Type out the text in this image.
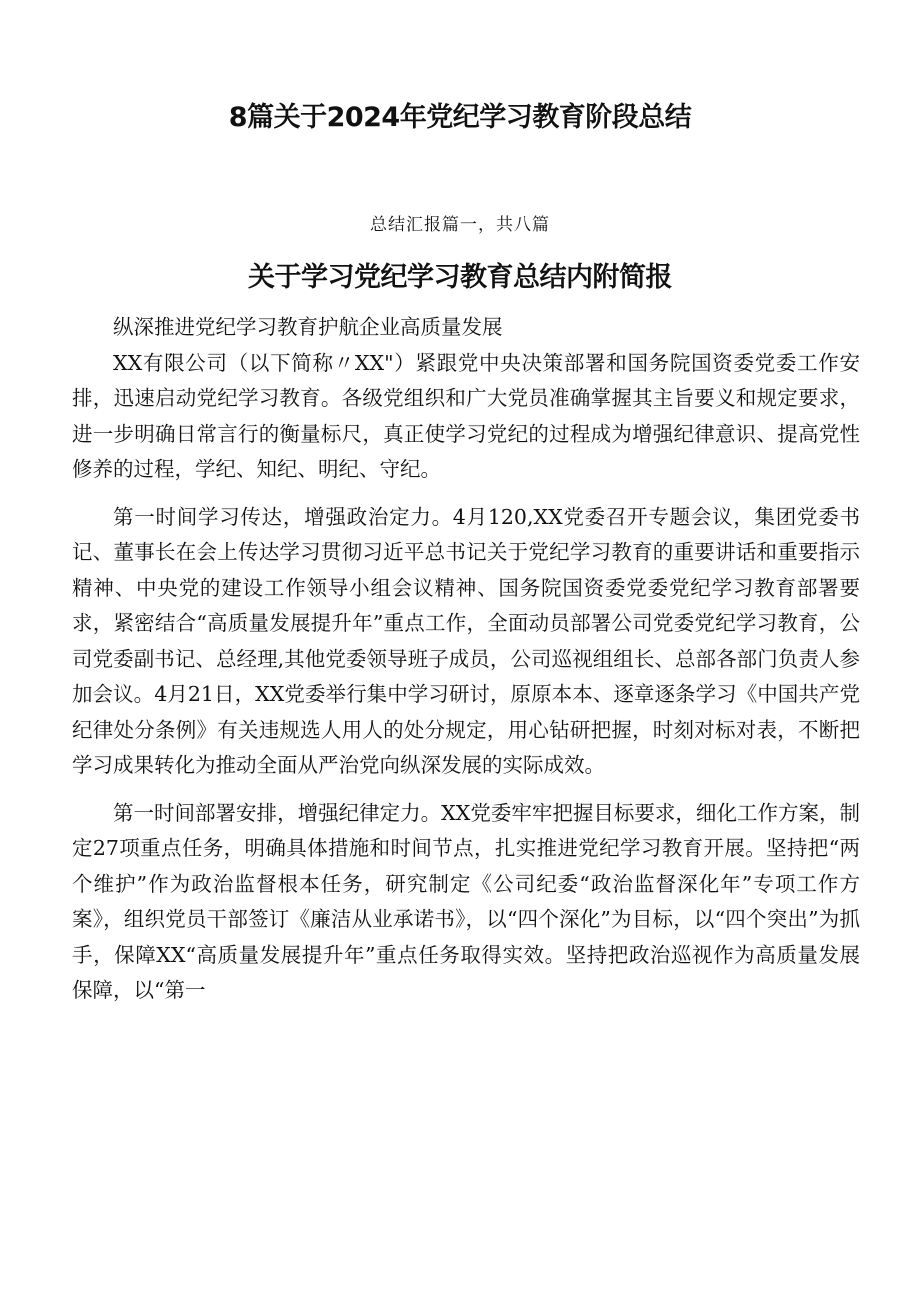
8篇关于2024年党纪学习教育阶段总结
总结汇报篇一，共八篇
关于学习党纪学习教育总结内附简报

纵深推进党纪学习教育护航企业高质量发展

XX有限公司（以下简称〃XX"）紧跟党中央决策部署和国务院国资委党委工作安排，迅速启动党纪学习教育。各级党组织和广大党员准确掌握其主旨要义和规定要求，进一步明确日常言行的衡量标尺，真正使学习党纪的过程成为增强纪律意识、提高党性修养的过程，学纪、知纪、明纪、守纪。

第一时间学习传达，增强政治定力。4月120,XX党委召开专题会议，集团党委书记、董事长在会上传达学习贯彻习近平总书记关于党纪学习教育的重要讲话和重要指示精神、中央党的建设工作领导小组会议精神、国务院国资委党委党纪学习教育部署要求，紧密结合“高质量发展提升年”重点工作，全面动员部署公司党委党纪学习教育，公司党委副书记、总经理,其他党委领导班子成员，公司巡视组组长、总部各部门负责人参加会议。4月21日，XX党委举行集中学习研讨，原原本本、逐章逐条学习《中国共产党纪律处分条例》有关违规选人用人的处分规定，用心钻研把握，时刻对标对表，不断把学习成果转化为推动全面从严治党向纵深发展的实际成效。

第一时间部署安排，增强纪律定力。XX党委牢牢把握目标要求，细化工作方案，制定27项重点任务，明确具体措施和时间节点，扎实推进党纪学习教育开展。坚持把“两个维护”作为政治监督根本任务，研究制定《公司纪委“政治监督深化年”专项工作方案》，组织党员干部签订《廉洁从业承诺书》，以“四个深化”为目标，以“四个突出”为抓手，保障XX“高质量发展提升年”重点任务取得实效。坚持把政治巡视作为高质量发展保障，以“第一
